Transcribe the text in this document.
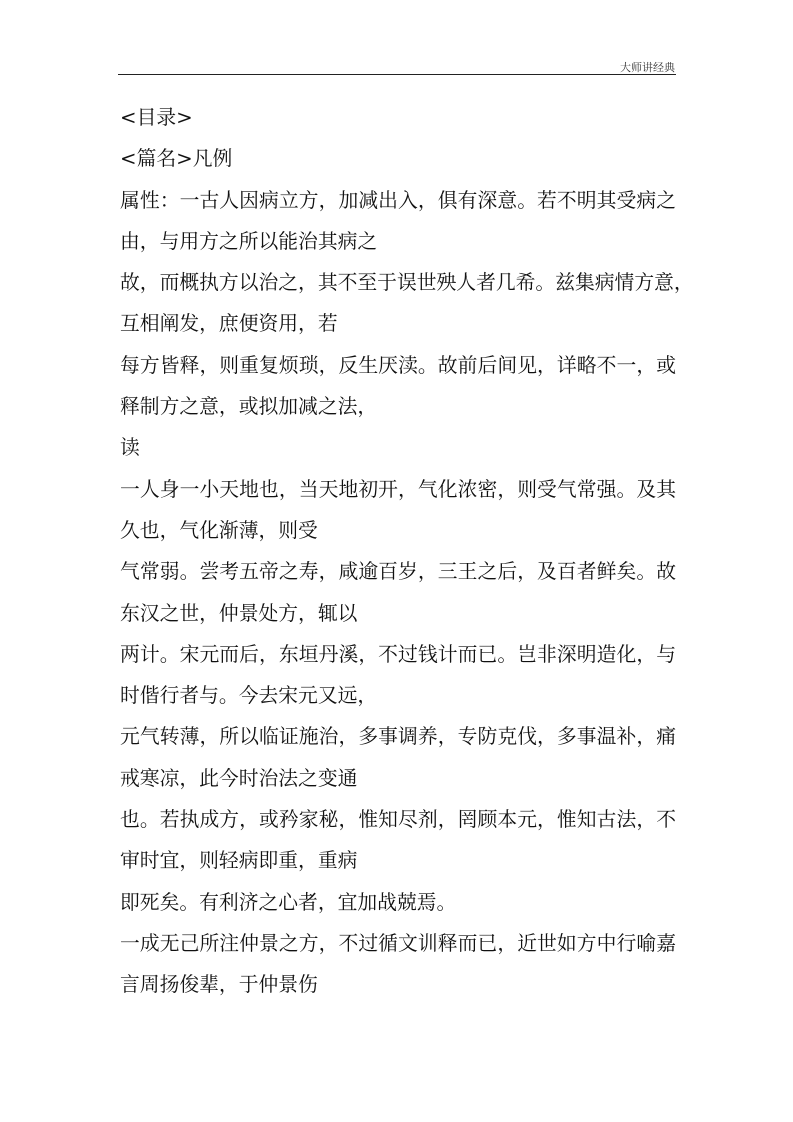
大师讲经典
<目录>
<篇名>凡例
属性：一古人因病立方，加减出入，俱有深意。若不明其受病之
由，与用方之所以能治其病之
故，而概执方以治之，其不至于误世殃人者几希。兹集病情方意，
互相阐发，庶便资用，若
每方皆释，则重复烦琐，反生厌渎。故前后间见，详略不一，或
释制方之意，或拟加减之法，
读
一人身一小天地也，当天地初开，气化浓密，则受气常强。及其
久也，气化渐薄，则受
气常弱。尝考五帝之寿，咸逾百岁，三王之后，及百者鲜矣。故
东汉之世，仲景处方，辄以
两计。宋元而后，东垣丹溪，不过钱计而已。岂非深明造化，与
时偕行者与。今去宋元又远，
元气转薄，所以临证施治，多事调养，专防克伐，多事温补，痛
戒寒凉，此今时治法之变通
也。若执成方，或矜家秘，惟知尽剂，罔顾本元，惟知古法，不
审时宜，则轻病即重，重病
即死矣。有利济之心者，宜加战兢焉。
一成无己所注仲景之方，不过循文训释而已，近世如方中行喻嘉
言周扬俊辈，于仲景伤
